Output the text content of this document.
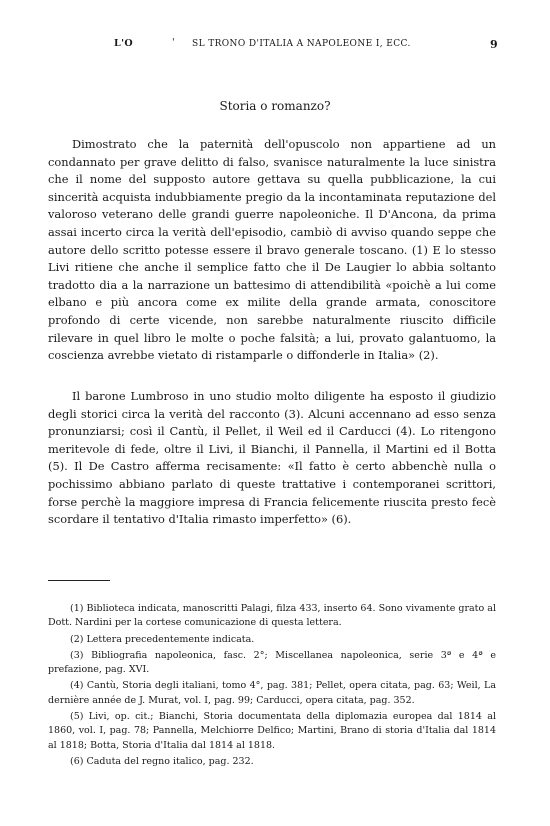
L'O	' SL TRONO D'ITALIA A NAPOLEONE I, ECC.	9
Storia o romanzo?

Dimostrato che la paternità dell'opuscolo non appartiene ad un condannato per grave delitto di falso, svanisce naturalmente la luce sinistra che il nome del supposto autore gettava su quella pubblicazione, la cui sincerità acquista indubbiamente pregio da la incontaminata reputazione del valoroso veterano delle grandi guerre napoleoniche. Il D'Ancona, da prima assai incerto circa la verità dell'episodio, cambiò di avviso quando seppe che autore dello scritto potesse essere il bravo generale toscano. (1) E lo stesso Livi ritiene che anche il semplice fatto che il De Laugier lo abbia soltanto tradotto dia a la narrazione un battesimo di attendibilità «poichè a lui come elbano e più ancora come ex milite della grande armata, conoscitore profondo di certe vicende, non sarebbe naturalmente riuscito difficile rilevare in quel libro le molte o poche falsità; a lui, provato galantuomo, la coscienza avrebbe vietato di ristamparle o diffonderle in Italia» (2).

Il barone Lumbroso in uno studio molto diligente ha esposto il giudizio degli storici circa la verità del racconto (3). Alcuni accennano ad esso senza pronunziarsi; così il Cantù, il Pellet, il Weil ed il Carducci (4). Lo ritengono meritevole di fede, oltre il Livi, il Bianchi, il Pannella, il Martini ed il Botta (5). Il De Castro afferma recisamente: «Il fatto è certo abbenchè nulla o pochissimo abbiano parlato di queste trattative i contemporanei scrittori, forse perchè la maggiore impresa di Francia felicemente riuscita presto fecè scordare il tentativo d'Italia rimasto imperfetto» (6).

(1) Biblioteca indicata, manoscritti Palagi, filza 433, inserto 64. Sono vivamente grato al Dott. Nardini per la cortese comunicazione di questa lettera.

(2) Lettera precedentemente indicata.

(3) Bibliografia napoleonica, fasc. 2°; Miscellanea napoleonica, serie 3ª e 4ª e prefazione, pag. XVI.

(4) Cantù, Storia degli italiani, tomo 4°, pag. 381; Pellet, opera citata, pag. 63; Weil, La dernière année de J. Murat, vol. I, pag. 99; Carducci, opera citata, pag. 352.

(5) Livi, op. cit.; Bianchi, Storia documentata della diplomazia europea dal 1814 al 1860, vol. I, pag. 78; Pannella, Melchiorre Delfico; Martini, Brano di storia d'Italia dal 1814 al 1818; Botta, Storia d'Italia dal 1814 al 1818.

(6) Caduta del regno italico, pag. 232.
